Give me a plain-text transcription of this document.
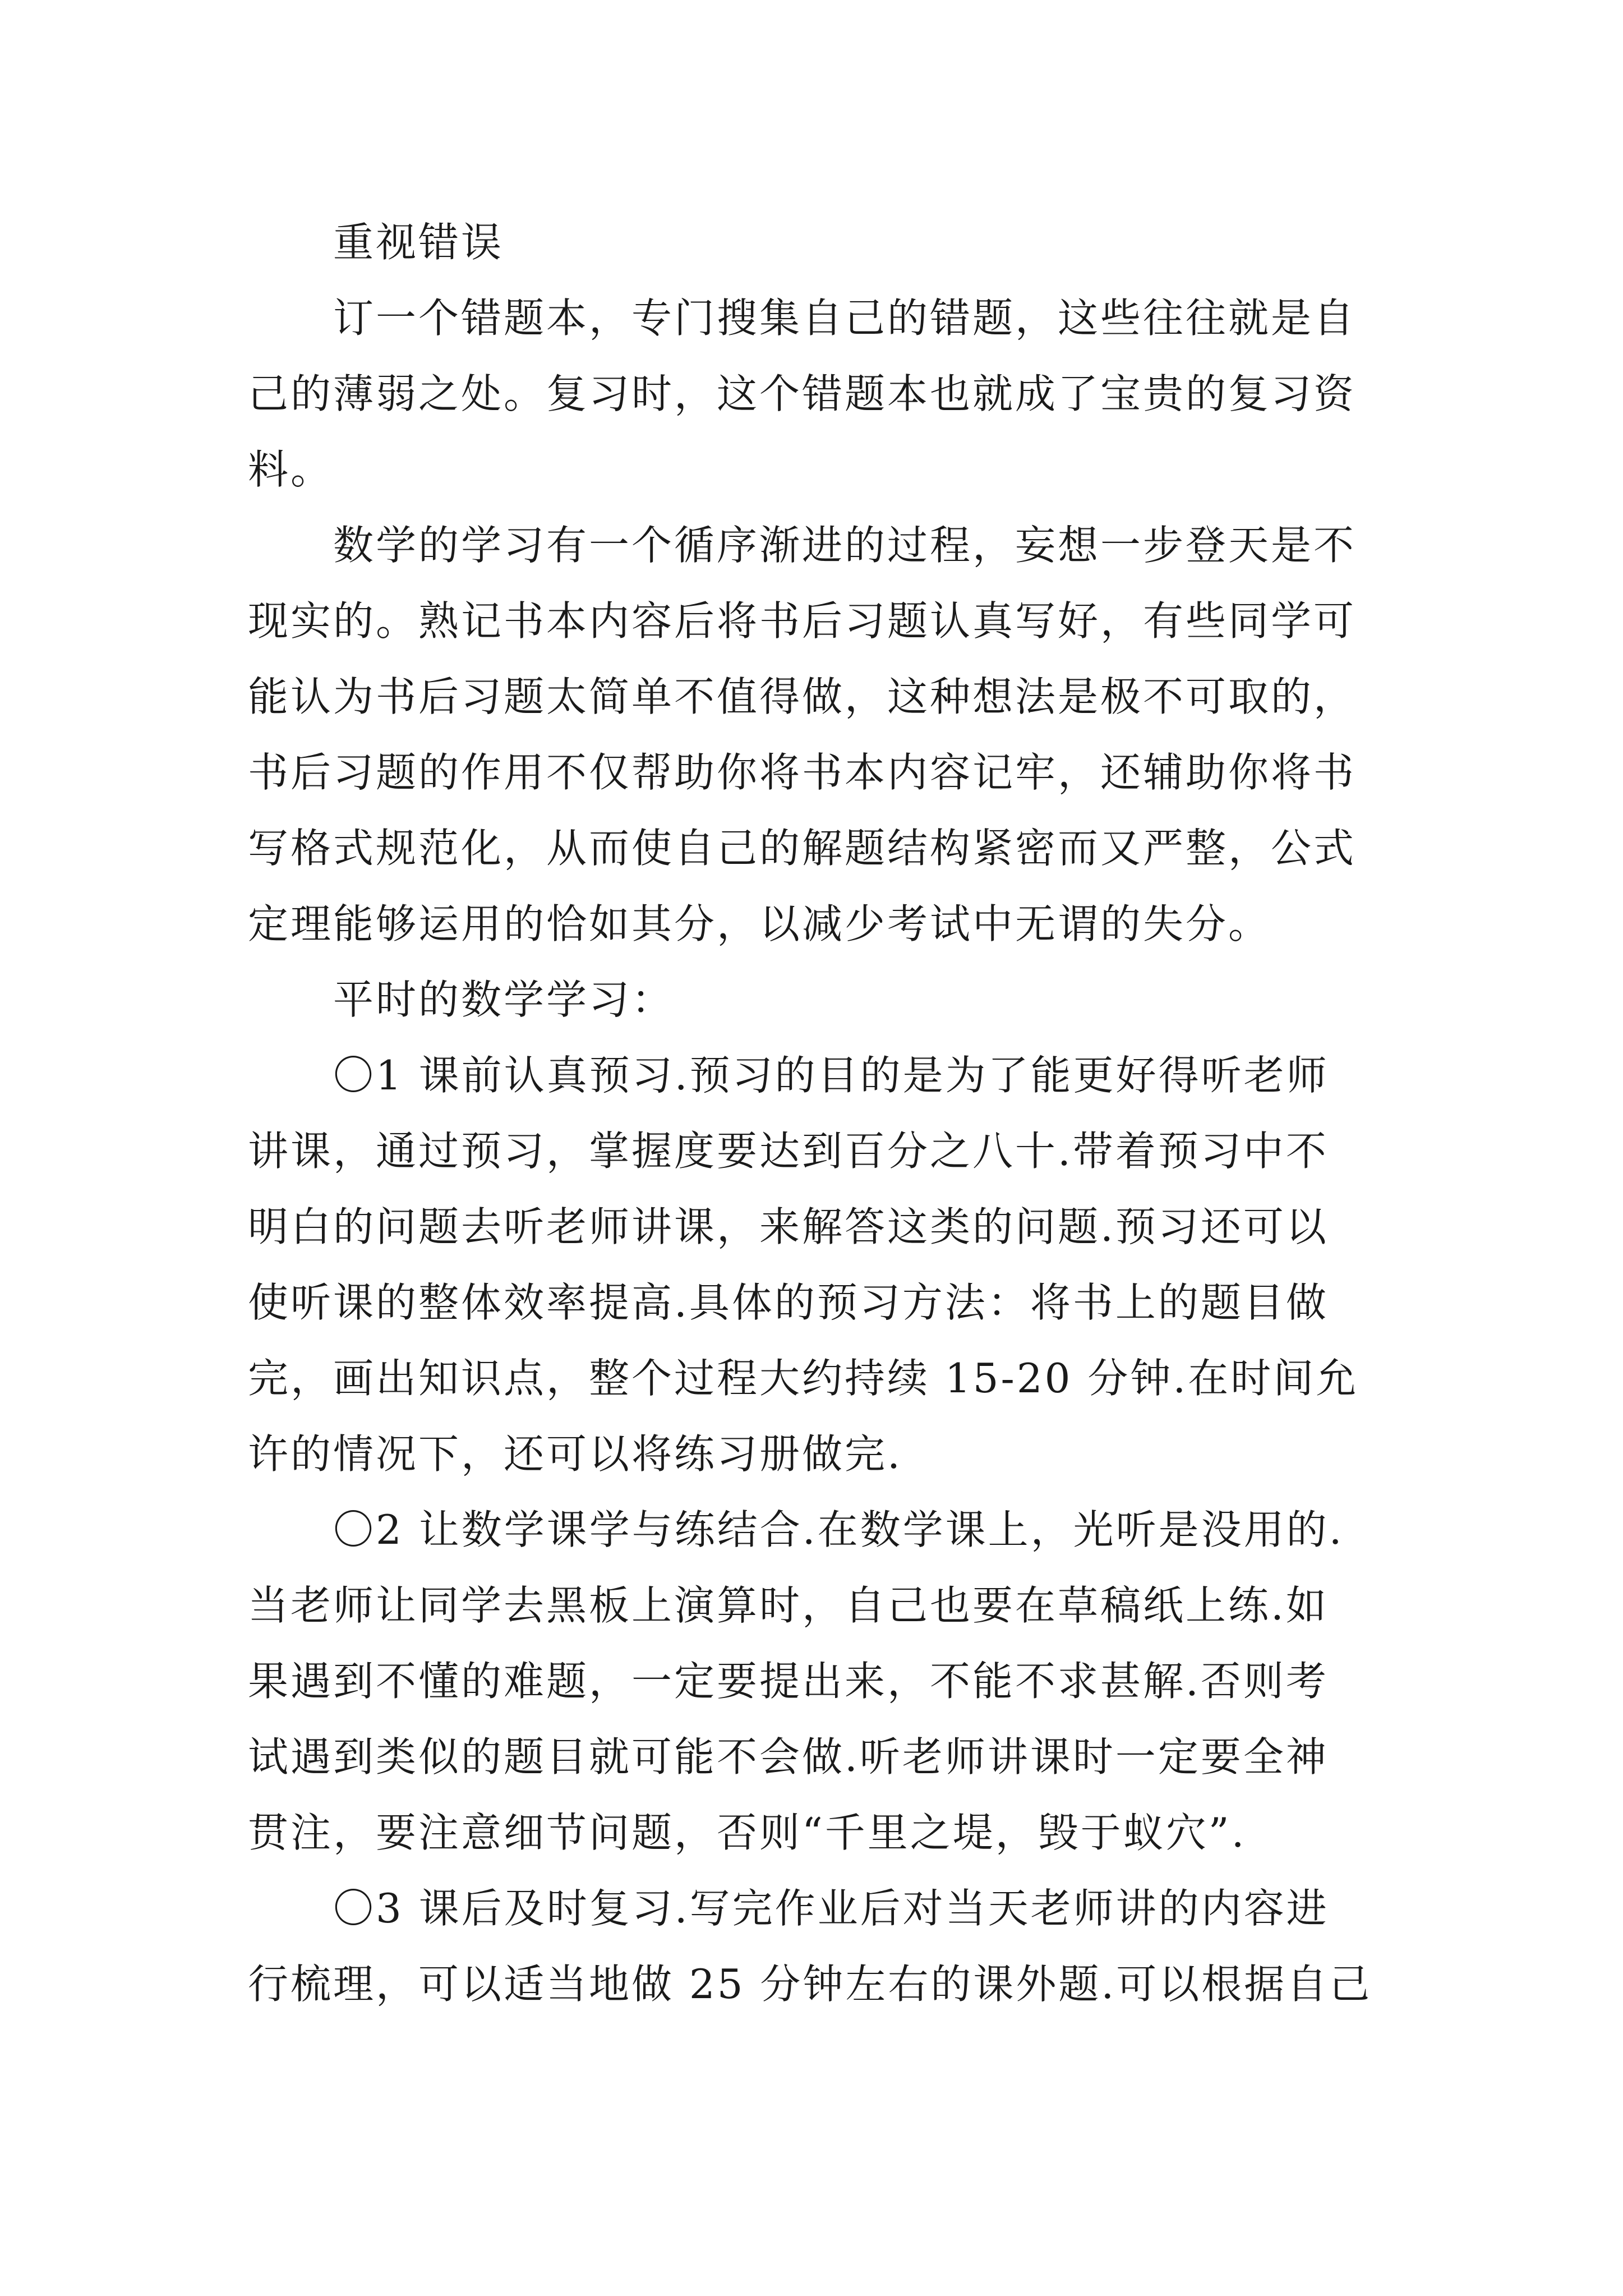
重视错误
订一个错题本，专门搜集自己的错题，这些往往就是自
己的薄弱之处。复习时，这个错题本也就成了宝贵的复习资
料。
数学的学习有一个循序渐进的过程，妄想一步登天是不
现实的。熟记书本内容后将书后习题认真写好，有些同学可
能认为书后习题太简单不值得做，这种想法是极不可取的，
书后习题的作用不仅帮助你将书本内容记牢，还辅助你将书
写格式规范化，从而使自己的解题结构紧密而又严整，公式
定理能够运用的恰如其分，以减少考试中无谓的失分。
平时的数学学习：
〇1 课前认真预习.预习的目的是为了能更好得听老师
讲课，通过预习，掌握度要达到百分之八十.带着预习中不
明白的问题去听老师讲课，来解答这类的问题.预习还可以
使听课的整体效率提高.具体的预习方法：将书上的题目做
完，画出知识点，整个过程大约持续 15-20 分钟.在时间允
许的情况下，还可以将练习册做完.
〇2 让数学课学与练结合.在数学课上，光听是没用的.
当老师让同学去黑板上演算时，自己也要在草稿纸上练.如
果遇到不懂的难题，一定要提出来，不能不求甚解.否则考
试遇到类似的题目就可能不会做.听老师讲课时一定要全神
贯注，要注意细节问题，否则“千里之堤，毁于蚁穴”.
〇3 课后及时复习.写完作业后对当天老师讲的内容进
行梳理，可以适当地做 25 分钟左右的课外题.可以根据自己
